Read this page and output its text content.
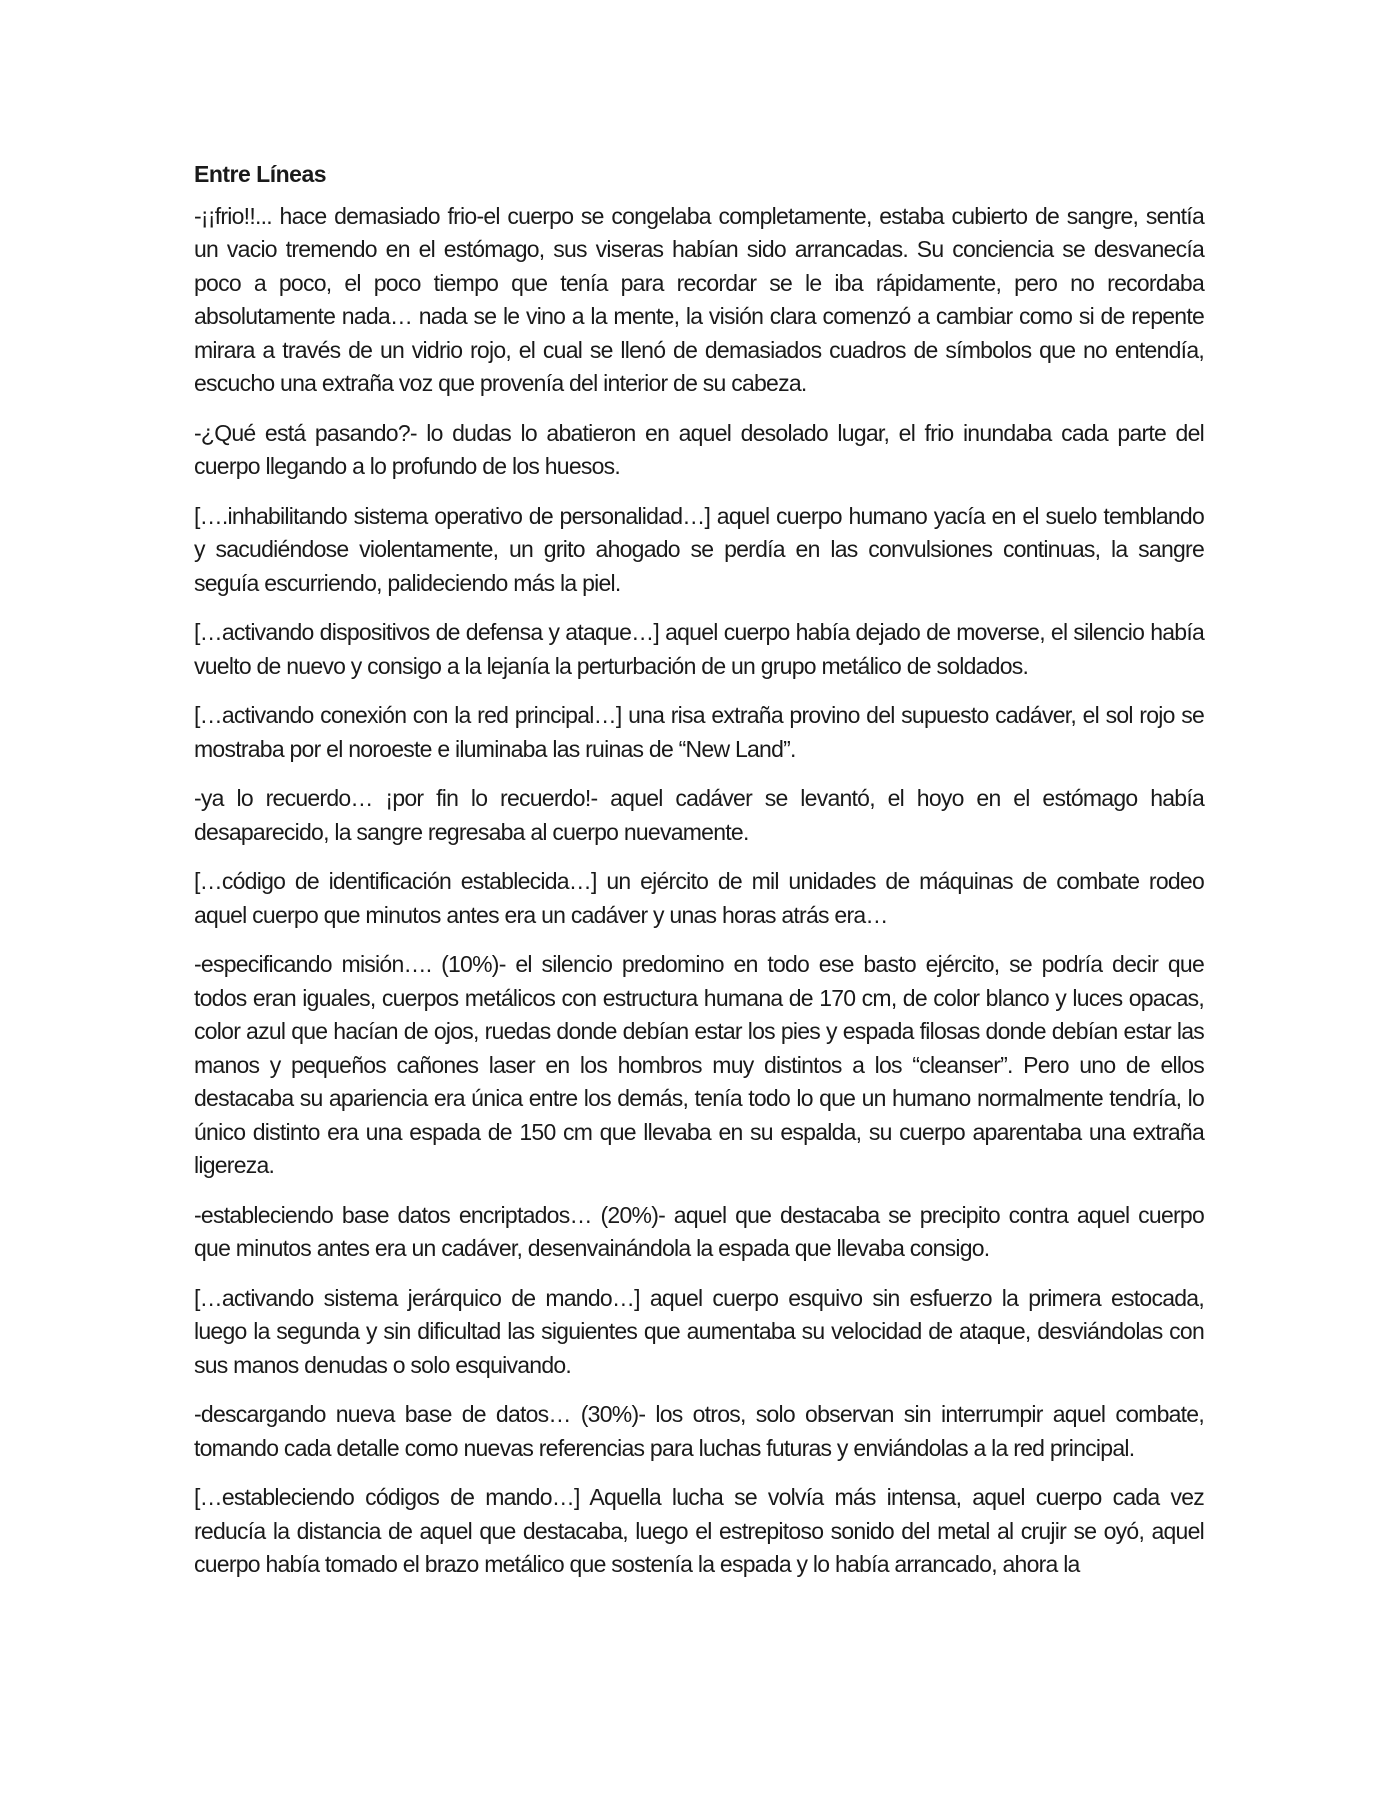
Entre Líneas

-¡¡frio!!... hace demasiado frio-el cuerpo se congelaba completamente, estaba cubierto de sangre, sentía un vacio tremendo en el estómago, sus viseras habían sido arrancadas. Su conciencia se desvanecía poco a poco, el poco tiempo que tenía para recordar se le iba rápidamente, pero no recordaba absolutamente nada… nada se le vino a la mente, la visión clara comenzó a cambiar como si de repente mirara a través de un vidrio rojo, el cual se llenó de demasiados cuadros de símbolos que no entendía, escucho una extraña voz que provenía del interior de su cabeza.

-¿Qué está pasando?- lo dudas lo abatieron en aquel desolado lugar, el frio inundaba cada parte del cuerpo llegando a lo profundo de los huesos.

[….inhabilitando sistema operativo de personalidad…] aquel cuerpo humano yacía en el suelo temblando y sacudiéndose violentamente, un grito ahogado se perdía en las convulsiones continuas, la sangre seguía escurriendo, palideciendo más la piel.

[…activando dispositivos de defensa y ataque…] aquel cuerpo había dejado de moverse, el silencio había vuelto de nuevo y consigo a la lejanía la perturbación de un grupo metálico de soldados.

[…activando conexión con la red principal…] una risa extraña provino del supuesto cadáver, el sol rojo se mostraba por el noroeste e iluminaba las ruinas de “New Land”.

-ya lo recuerdo… ¡por fin lo recuerdo!- aquel cadáver se levantó, el hoyo en el estómago había desaparecido, la sangre regresaba al cuerpo nuevamente.

[…código de identificación establecida…] un ejército de mil unidades de máquinas de combate rodeo aquel cuerpo que minutos antes era un cadáver y unas horas atrás era…

-especificando misión…. (10%)- el silencio predomino en todo ese basto ejército, se podría decir que todos eran iguales, cuerpos metálicos con estructura humana de 170 cm, de color blanco y luces opacas, color azul que hacían de ojos, ruedas donde debían estar los pies y espada filosas donde debían estar las manos y pequeños cañones laser en los hombros muy distintos a los “cleanser”. Pero uno de ellos destacaba su apariencia era única entre los demás, tenía todo lo que un humano normalmente tendría, lo único distinto era una espada de 150 cm que llevaba en su espalda, su cuerpo aparentaba una extraña ligereza.

-estableciendo base datos encriptados… (20%)- aquel que destacaba se precipito contra aquel cuerpo que minutos antes era un cadáver, desenvainándola la espada que llevaba consigo.

[…activando sistema jerárquico de mando…] aquel cuerpo esquivo sin esfuerzo la primera estocada, luego la segunda y sin dificultad las siguientes que aumentaba su velocidad de ataque, desviándolas con sus manos denudas o solo esquivando.

-descargando nueva base de datos… (30%)- los otros, solo observan sin interrumpir aquel combate, tomando cada detalle como nuevas referencias para luchas futuras y enviándolas a la red principal.

[…estableciendo códigos de mando…] Aquella lucha se volvía más intensa, aquel cuerpo cada vez reducía la distancia de aquel que destacaba, luego el estrepitoso sonido del metal al crujir se oyó, aquel cuerpo había tomado el brazo metálico que sostenía la espada y lo había arrancado, ahora la
